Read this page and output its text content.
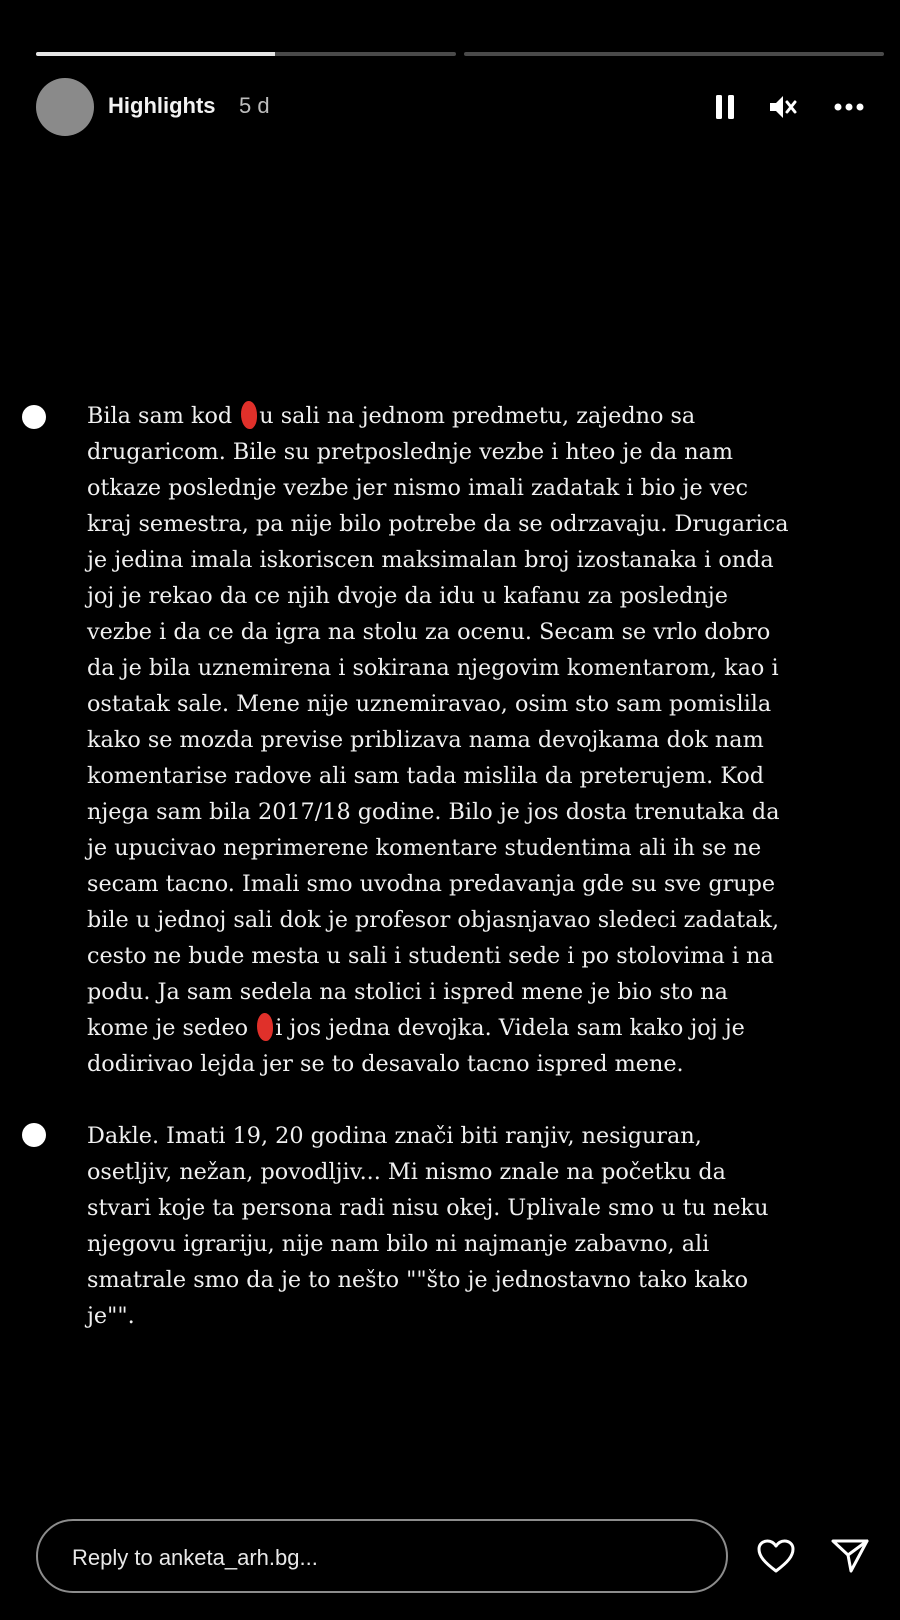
Highlights 5 d
Bila sam kod u sali na jednom predmetu, zajedno sa
drugaricom. Bile su pretposlednje vezbe i hteo je da nam
otkaze poslednje vezbe jer nismo imali zadatak i bio je vec
kraj semestra, pa nije bilo potrebe da se odrzavaju. Drugarica
je jedina imala iskoriscen maksimalan broj izostanaka i onda
joj je rekao da ce njih dvoje da idu u kafanu za poslednje
vezbe i da ce da igra na stolu za ocenu. Secam se vrlo dobro
da je bila uznemirena i sokirana njegovim komentarom, kao i
ostatak sale. Mene nije uznemiravao, osim sto sam pomislila
kako se mozda previse priblizava nama devojkama dok nam
komentarise radove ali sam tada mislila da preterujem. Kod
njega sam bila 2017/18 godine. Bilo je jos dosta trenutaka da
je upucivao neprimerene komentare studentima ali ih se ne
secam tacno. Imali smo uvodna predavanja gde su sve grupe
bile u jednoj sali dok je profesor objasnjavao sledeci zadatak,
cesto ne bude mesta u sali i studenti sede i po stolovima i na
podu. Ja sam sedela na stolici i ispred mene je bio sto na
kome je sedeo i jos jedna devojka. Videla sam kako joj je
dodirivao lejda jer se to desavalo tacno ispred mene.
Dakle. Imati 19, 20 godina znači biti ranjiv, nesiguran,
osetljiv, nežan, povodljiv... Mi nismo znale na početku da
stvari koje ta persona radi nisu okej. Uplivale smo u tu neku
njegovu igrariju, nije nam bilo ni najmanje zabavno, ali
smatrale smo da je to nešto ""što je jednostavno tako kako
je"".
Reply to anketa_arh.bg...
